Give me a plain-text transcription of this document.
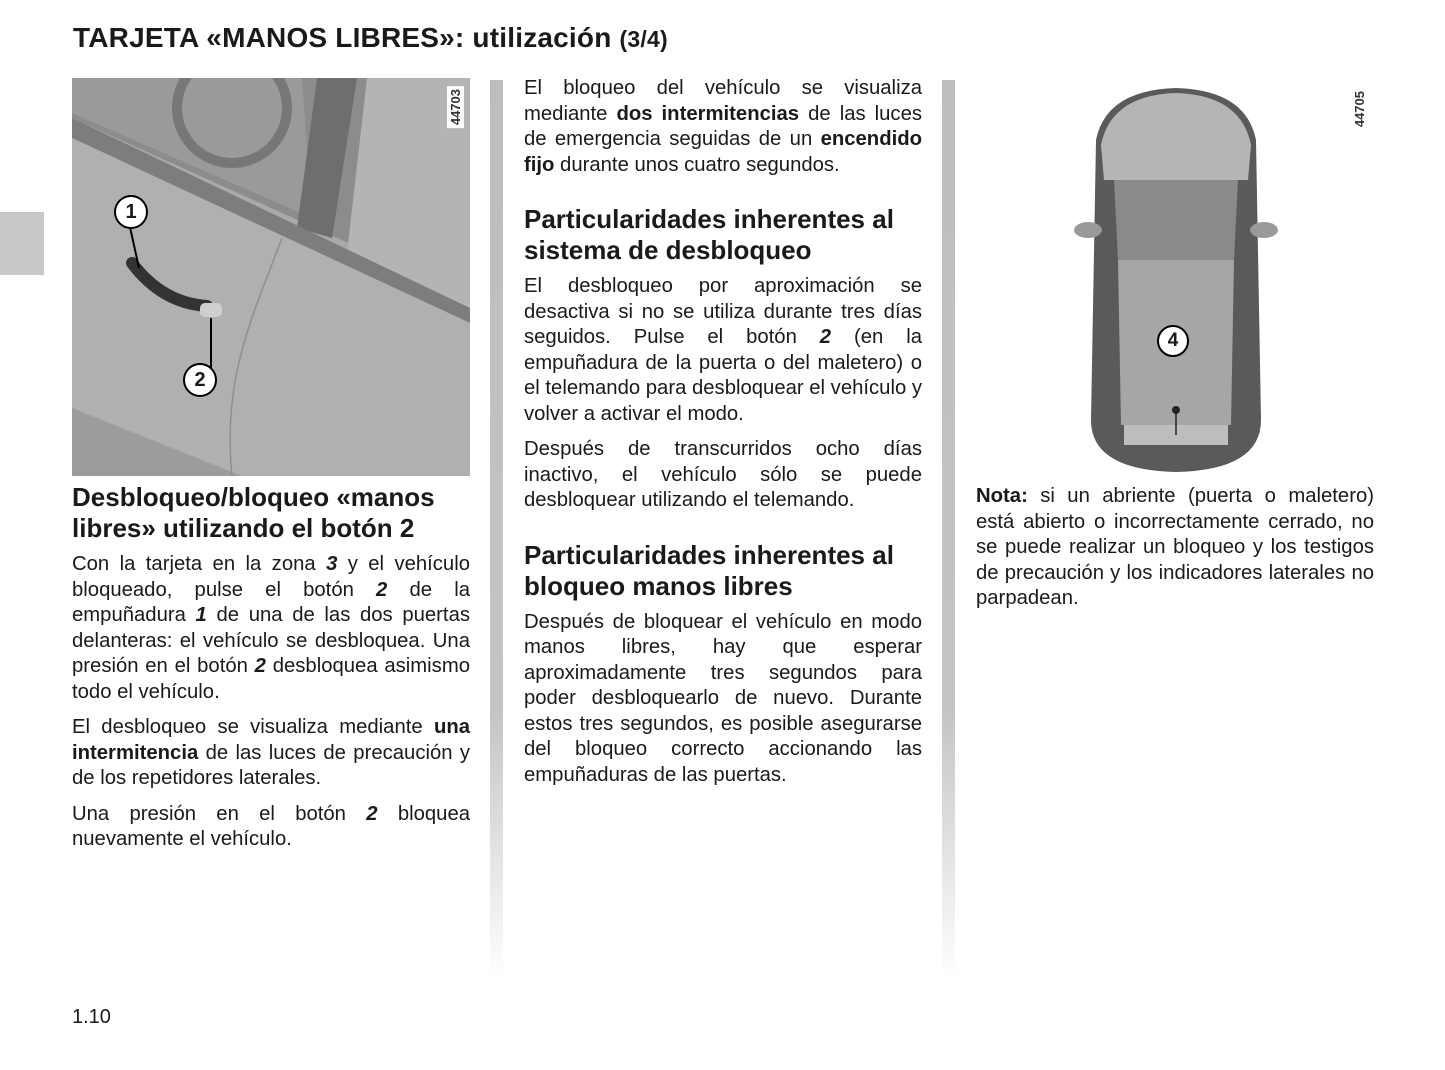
TARJETA «MANOS LIBRES»: utilización (3/4)
1
2
44703
Desbloqueo/bloqueo «manos libres» utilizando el botón 2

Con la tarjeta en la zona 3 y el vehículo bloqueado, pulse el botón 2 de la empuñadura 1 de una de las dos puertas delanteras: el vehículo se desbloquea. Una presión en el botón 2 desbloquea asimismo todo el vehículo.

El desbloqueo se visualiza mediante una intermitencia de las luces de precaución y de los repetidores laterales.

Una presión en el botón 2 bloquea nuevamente el vehículo.

El bloqueo del vehículo se visualiza mediante dos intermitencias de las luces de emergencia seguidas de un encendido fijo durante unos cuatro segundos.

Particularidades inherentes al sistema de desbloqueo

El desbloqueo por aproximación se desactiva si no se utiliza durante tres días seguidos. Pulse el botón 2 (en la empuñadura de la puerta o del maletero) o el telemando para desbloquear el vehículo y volver a activar el modo.

Después de transcurridos ocho días inactivo, el vehículo sólo se puede desbloquear utilizando el telemando.

Particularidades inherentes al bloqueo manos libres

Después de bloquear el vehículo en modo manos libres, hay que esperar aproximadamente tres segundos para poder desbloquearlo de nuevo. Durante estos tres segundos, es posible asegurarse del bloqueo correcto accionando las empuñaduras de las puertas.

4
44705

Nota: si un abriente (puerta o maletero) está abierto o incorrectamente cerrado, no se puede realizar un bloqueo y los testigos de precaución y los indicadores laterales no parpadean.

1.10
